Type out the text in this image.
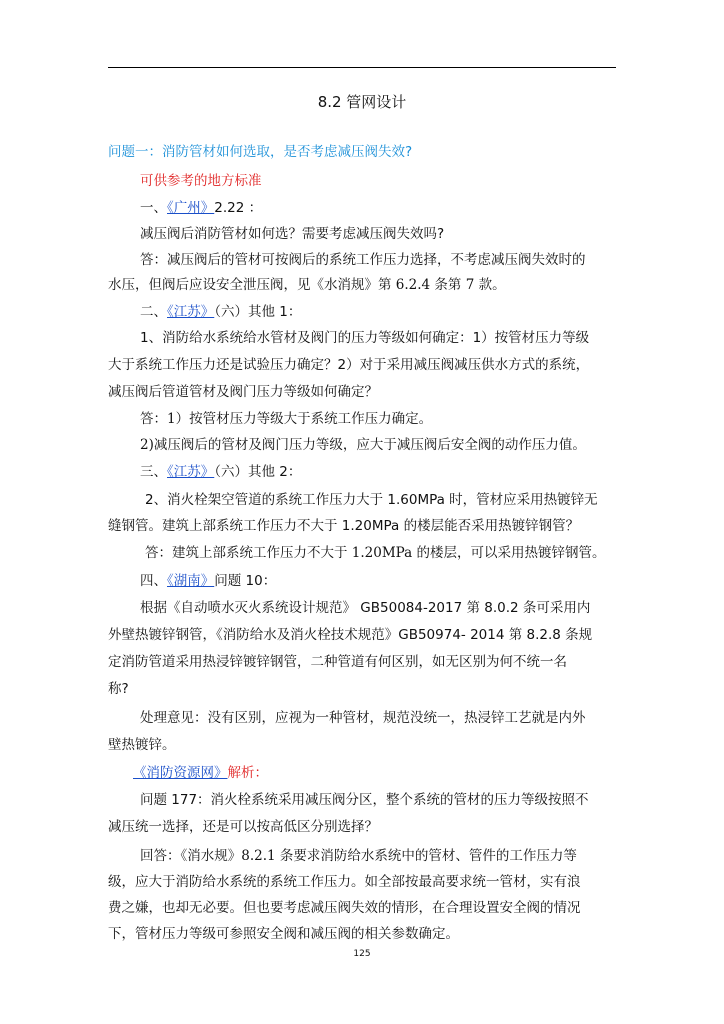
8.2 管网设计
问题一：消防管材如何选取，是否考虑减压阀失效?
可供参考的地方标准
一、《广州》2.22 ：
减压阀后消防管材如何选？需要考虑减压阀失效吗?
答：减压阀后的管材可按阀后的系统工作压力选择，不考虑减压阀失效时的
水压，但阀后应设安全泄压阀，见《水消规》第 6.2.4 条第 7 款。
二、《江苏》（六）其他 1：
1、消防给水系统给水管材及阀门的压力等级如何确定：1）按管材压力等级
大于系统工作压力还是试验压力确定？2）对于采用减压阀减压供水方式的系统，
减压阀后管道管材及阀门压力等级如何确定？
答：1）按管材压力等级大于系统工作压力确定。
2)减压阀后的管材及阀门压力等级，应大于减压阀后安全阀的动作压力值。
三、《江苏》（六）其他 2：
2、消火栓架空管道的系统工作压力大于 1.60MPa 时，管材应采用热镀锌无
缝钢管。建筑上部系统工作压力不大于 1.20MPa 的楼层能否采用热镀锌钢管？
答：建筑上部系统工作压力不大于 1.20MPa 的楼层，可以采用热镀锌钢管。
四、《湖南》问题 10：
根据《自动喷水灭火系统设计规范》 GB50084-2017 第 8.0.2 条可采用内
外壁热镀锌钢管，《消防给水及消火栓技术规范》GB50974- 2014 第 8.2.8 条规
定消防管道采用热浸锌镀锌钢管，二种管道有何区别，如无区别为何不统一名
称?
处理意见：没有区别，应视为一种管材，规范没统一，热浸锌工艺就是内外
壁热镀锌。
《消防资源网》解析：
问题 177：消火栓系统采用减压阀分区，整个系统的管材的压力等级按照不
减压统一选择，还是可以按高低区分别选择？
回答：《消水规》8.2.1 条要求消防给水系统中的管材、管件的工作压力等
级，应大于消防给水系统的系统工作压力。如全部按最高要求统一管材，实有浪
费之嫌，也却无必要。但也要考虑减压阀失效的情形，在合理设置安全阀的情况
下，管材压力等级可参照安全阀和减压阀的相关参数确定。
125
